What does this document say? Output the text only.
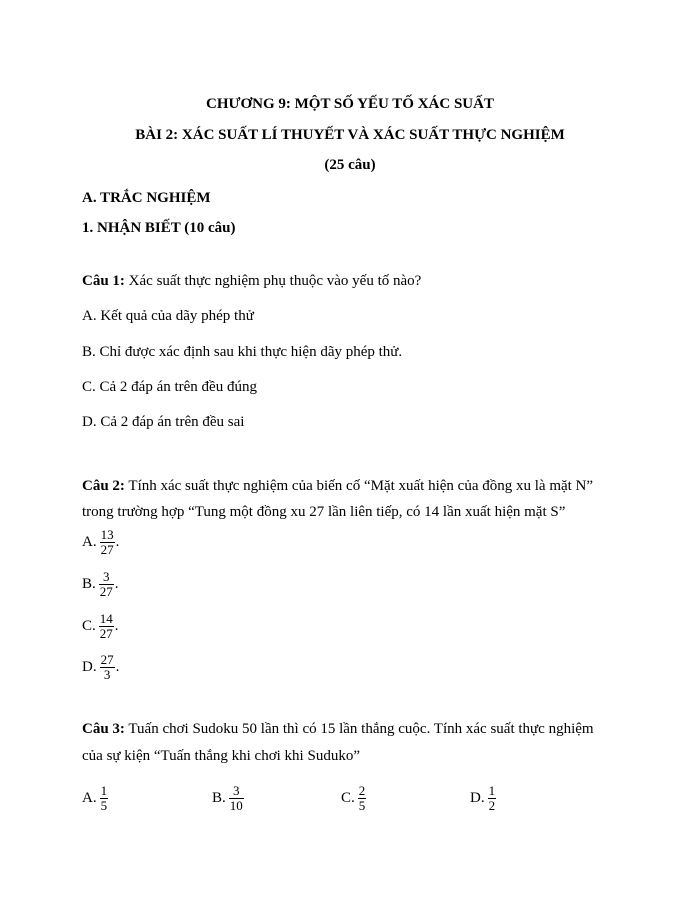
CHƯƠNG 9: MỘT SỐ YẾU TỐ XÁC SUẤT

BÀI 2: XÁC SUẤT LÍ THUYẾT VÀ XÁC SUẤT THỰC NGHIỆM

(25 câu)

A. TRẮC NGHIỆM

1. NHẬN BIẾT (10 câu)

Câu 1: Xác suất thực nghiệm phụ thuộc vào yếu tố nào?

A. Kết quả của dãy phép thử

B. Chỉ được xác định sau khi thực hiện dãy phép thử.

C. Cả 2 đáp án trên đều đúng

D. Cả 2 đáp án trên đều sai

Câu 2: Tính xác suất thực nghiệm của biến cố “Mặt xuất hiện của đồng xu là mặt N”

trong trường hợp “Tung một đồng xu 27 lần liên tiếp, có 14 lần xuất hiện mặt S”

A. $\frac{13}{27}$ .
B. $\frac{3}{27}$ .
C. $\frac{14}{27}$ .
D. $\frac{27}{3}$ .

Câu 3: Tuấn chơi Sudoku 50 lần thì có 15 lần thắng cuộc. Tính xác suất thực nghiệm

của sự kiện “Tuấn thắng khi chơi khi Suduko”

A. $\frac{1}{5}$	B. $\frac{3}{10}$	C. $\frac{2}{5}$	D. $\frac{1}{2}$
